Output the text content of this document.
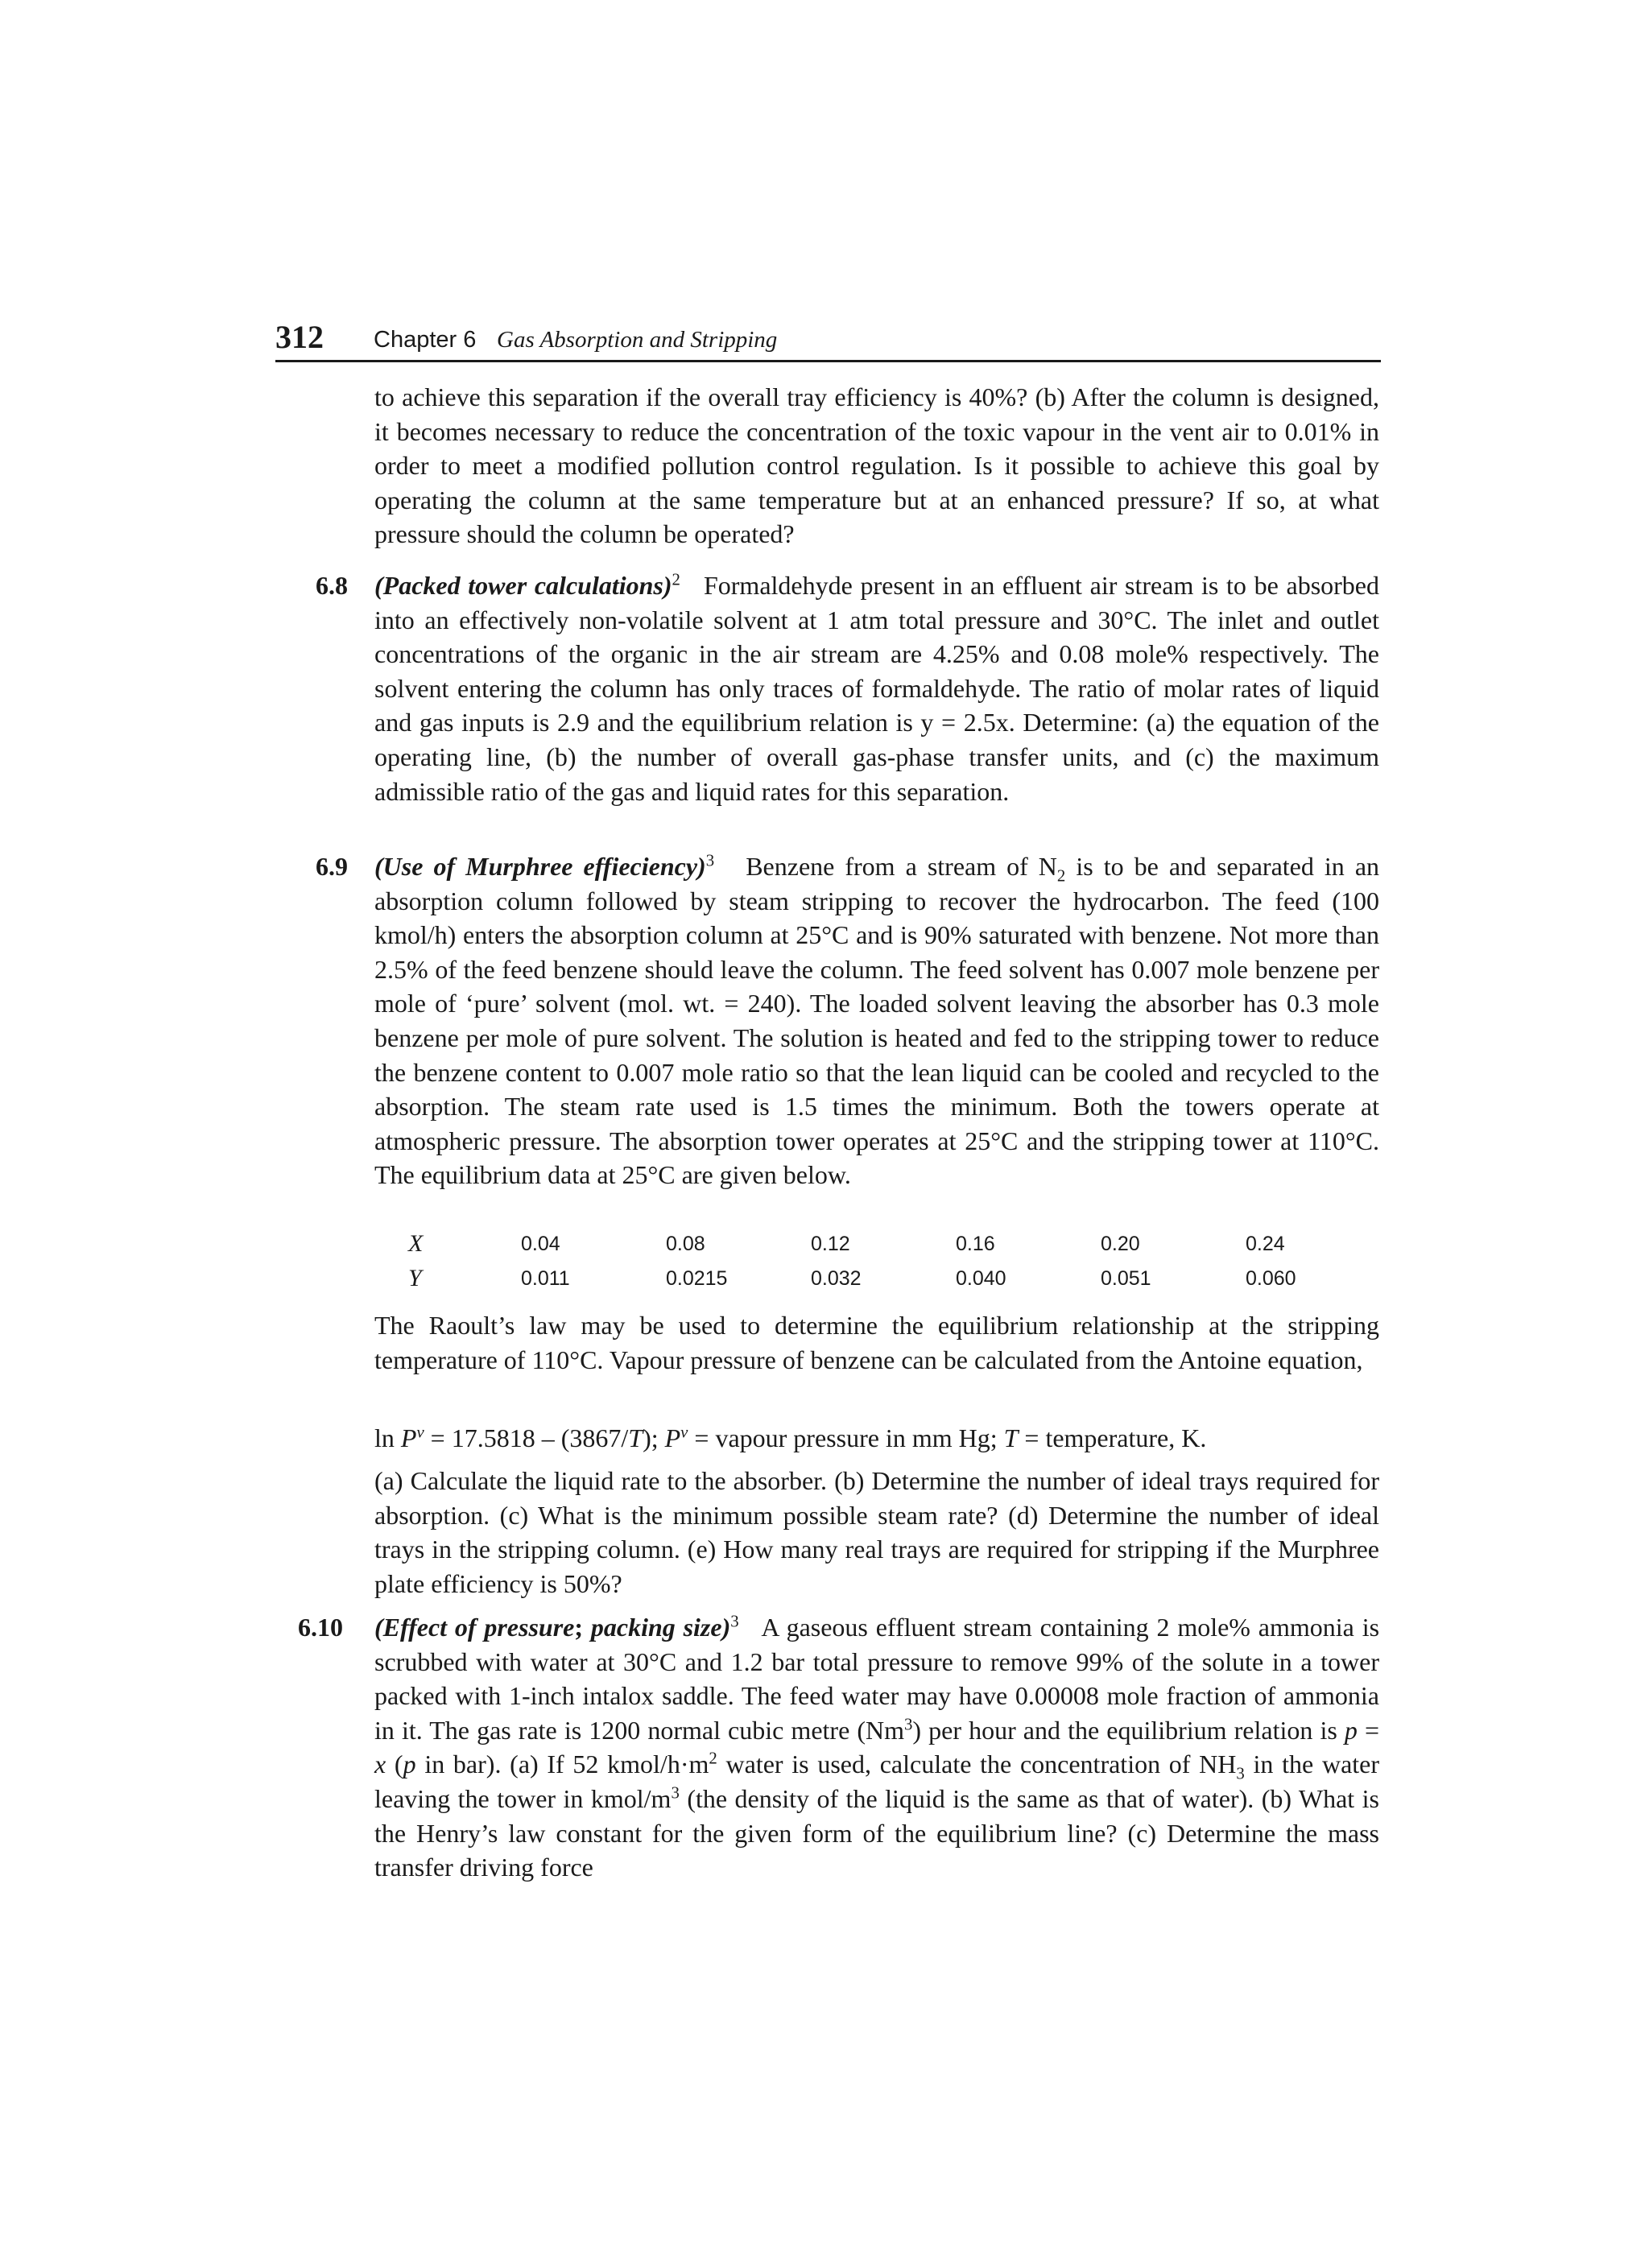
312 Chapter 6 Gas Absorption and Stripping

to achieve this separation if the overall tray efficiency is 40%? (b) After the column is designed, it becomes necessary to reduce the concentration of the toxic vapour in the vent air to 0.01% in order to meet a modified pollution control regulation. Is it possible to achieve this goal by operating the column at the same temperature but at an enhanced pressure? If so, at what pressure should the column be operated?

6.8 (Packed tower calculations)$^2$ Formaldehyde present in an effluent air stream is to be absorbed into an effectively non-volatile solvent at 1 atm total pressure and 30°C. The inlet and outlet concentrations of the organic in the air stream are 4.25% and 0.08 mole% respectively. The solvent entering the column has only traces of formaldehyde. The ratio of molar rates of liquid and gas inputs is 2.9 and the equilibrium relation is y = 2.5x. Determine: (a) the equation of the operating line, (b) the number of overall gas-phase transfer units, and (c) the maximum admissible ratio of the gas and liquid rates for this separation.

6.9 (Use of Murphree effieciency)$^3$ Benzene from a stream of $N_2$ is to be and separated in an absorption column followed by steam stripping to recover the hydrocarbon. The feed (100 kmol/h) enters the absorption column at 25°C and is 90% saturated with benzene. Not more than 2.5% of the feed benzene should leave the column. The feed solvent has 0.007 mole benzene per mole of ‘pure’ solvent (mol. wt. = 240). The loaded solvent leaving the absorber has 0.3 mole benzene per mole of pure solvent. The solution is heated and fed to the stripping tower to reduce the benzene content to 0.007 mole ratio so that the lean liquid can be cooled and recycled to the absorption. The steam rate used is 1.5 times the minimum. Both the towers operate at atmospheric pressure. The absorption tower operates at 25°C and the stripping tower at 110°C. The equilibrium data at 25°C are given below.

X	0.04	0.08	0.12	0.16	0.20	0.24
Y	0.011	0.0215	0.032	0.040	0.051	0.060

The Raoult’s law may be used to determine the equilibrium relationship at the stripping temperature of 110°C. Vapour pressure of benzene can be calculated from the Antoine equation,

$\ln P^v = 17.5818 - (3867/T)$; $P^v$ = vapour pressure in mm Hg; T = temperature, K.

(a) Calculate the liquid rate to the absorber. (b) Determine the number of ideal trays required for absorption. (c) What is the minimum possible steam rate? (d) Determine the number of ideal trays in the stripping column. (e) How many real trays are required for stripping if the Murphree plate efficiency is 50%?

6.10 (Effect of pressure; packing size)$^3$ A gaseous effluent stream containing 2 mole% ammonia is scrubbed with water at 30°C and 1.2 bar total pressure to remove 99% of the solute in a tower packed with 1-inch intalox saddle. The feed water may have 0.00008 mole fraction of ammonia in it. The gas rate is 1200 normal cubic metre (Nm$^3$) per hour and the equilibrium relation is p = x (p in bar). (a) If 52 kmol/$h\cdot m^2$ water is used, calculate the concentration of $NH_3$ in the water leaving the tower in kmol/$m^3$ (the density of the liquid is the same as that of water). (b) What is the Henry’s law constant for the given form of the equilibrium line? (c) Determine the mass transfer driving force
